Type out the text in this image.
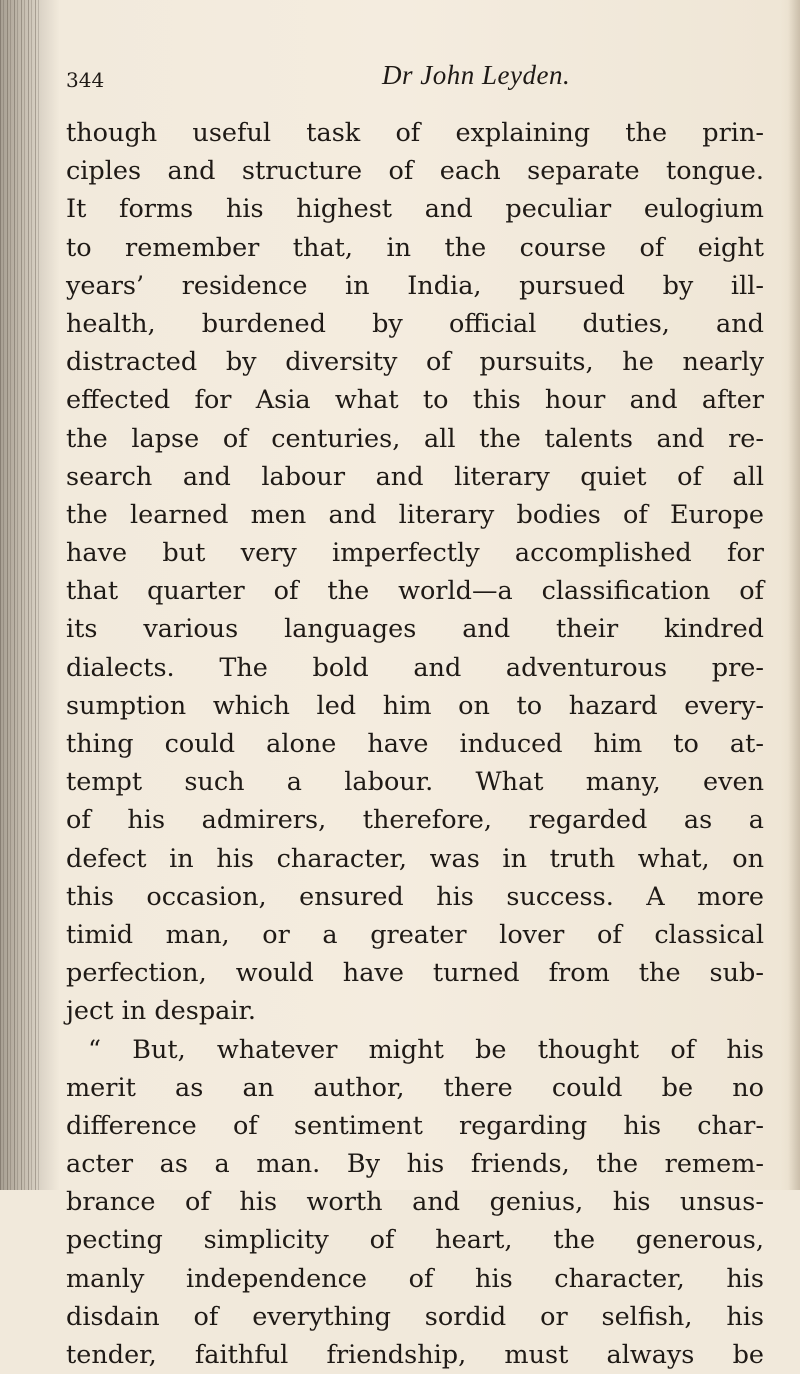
344	Dr John Leyden.
though useful task of explaining the prin-
ciples and structure of each separate tongue.
It forms his highest and peculiar eulogium
to remember that, in the course of eight
years’ residence in India, pursued by ill-
health, burdened by official duties, and
distracted by diversity of pursuits, he nearly
effected for Asia what to this hour and after
the lapse of centuries, all the talents and re-
search and labour and literary quiet of all
the learned men and literary bodies of Europe
have but very imperfectly accomplished for
that quarter of the world—a classification of
its various languages and their kindred
dialects. The bold and adventurous pre-
sumption which led him on to hazard every-
thing could alone have induced him to at-
tempt such a labour. What many, even
of his admirers, therefore, regarded as a
defect in his character, was in truth what, on
this occasion, ensured his success. A more
timid man, or a greater lover of classical
perfection, would have turned from the sub-
ject in despair.
“ But, whatever might be thought of his
merit as an author, there could be no
difference of sentiment regarding his char-
acter as a man. By his friends, the remem-
brance of his worth and genius, his unsus-
pecting simplicity of heart, the generous,
manly independence of his character, his
disdain of everything sordid or selfish, his
tender, faithful friendship, must always be
